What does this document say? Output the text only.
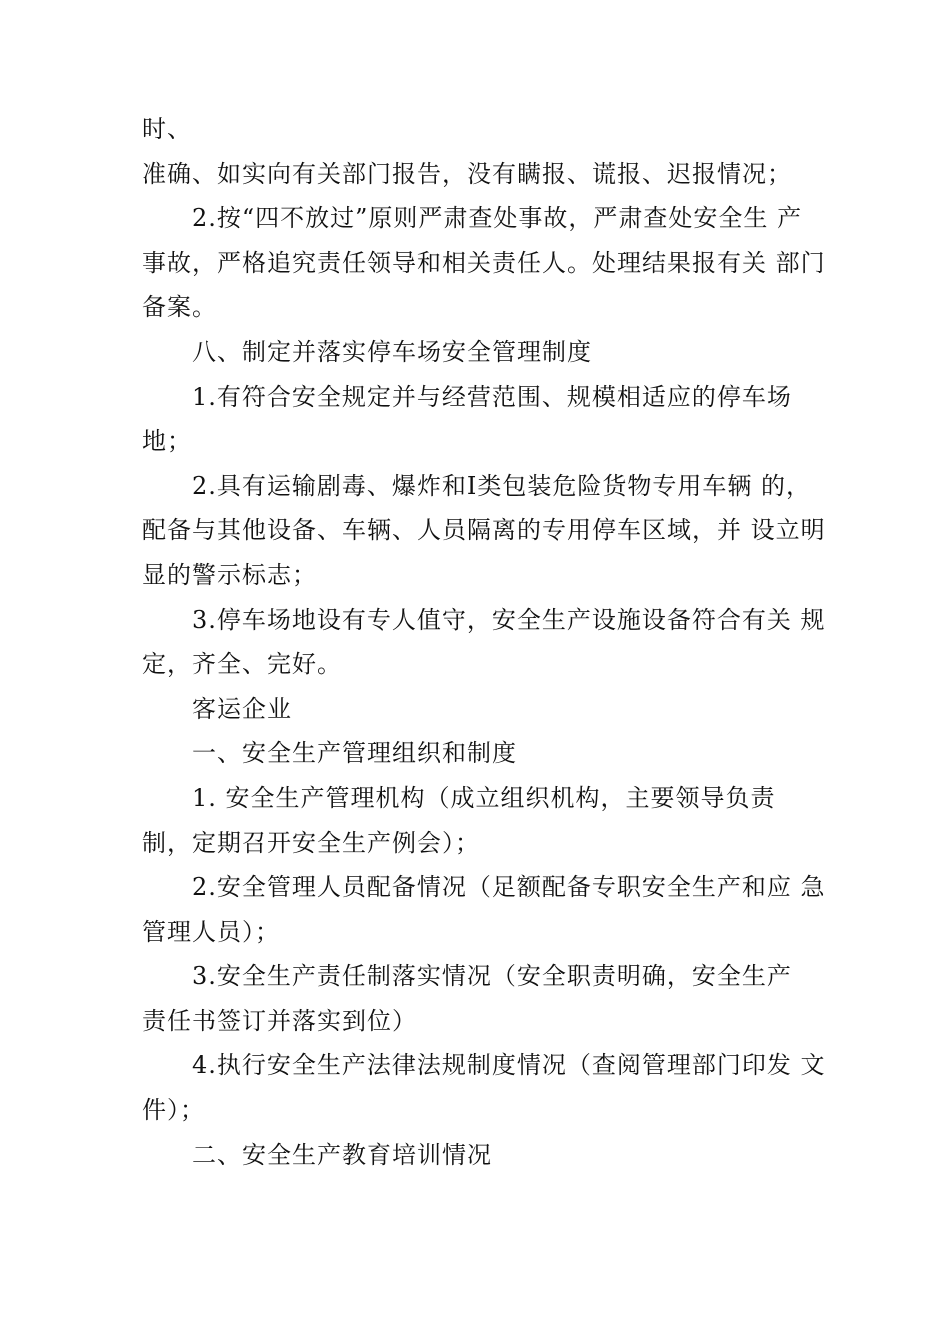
时、
准确、如实向有关部门报告，没有瞒报、谎报、迟报情况；
2.按“四不放过”原则严肃查处事故，严肃查处安全生 产
事故，严格追究责任领导和相关责任人。处理结果报有关 部门
备案。
八、制定并落实停车场安全管理制度
1.有符合安全规定并与经营范围、规模相适应的停车场
地；
2.具有运输剧毒、爆炸和Ⅰ类包装危险货物专用车辆 的，
配备与其他设备、车辆、人员隔离的专用停车区域，并 设立明
显的警示标志；
3.停车场地设有专人值守，安全生产设施设备符合有关 规
定，齐全、完好。
客运企业
一、安全生产管理组织和制度
1. 安全生产管理机构（成立组织机构，主要领导负责
制，定期召开安全生产例会）；
2.安全管理人员配备情况（足额配备专职安全生产和应 急
管理人员）；
3.安全生产责任制落实情况（安全职责明确，安全生产
责任书签订并落实到位）
4.执行安全生产法律法规制度情况（查阅管理部门印发 文
件）；
二、安全生产教育培训情况
